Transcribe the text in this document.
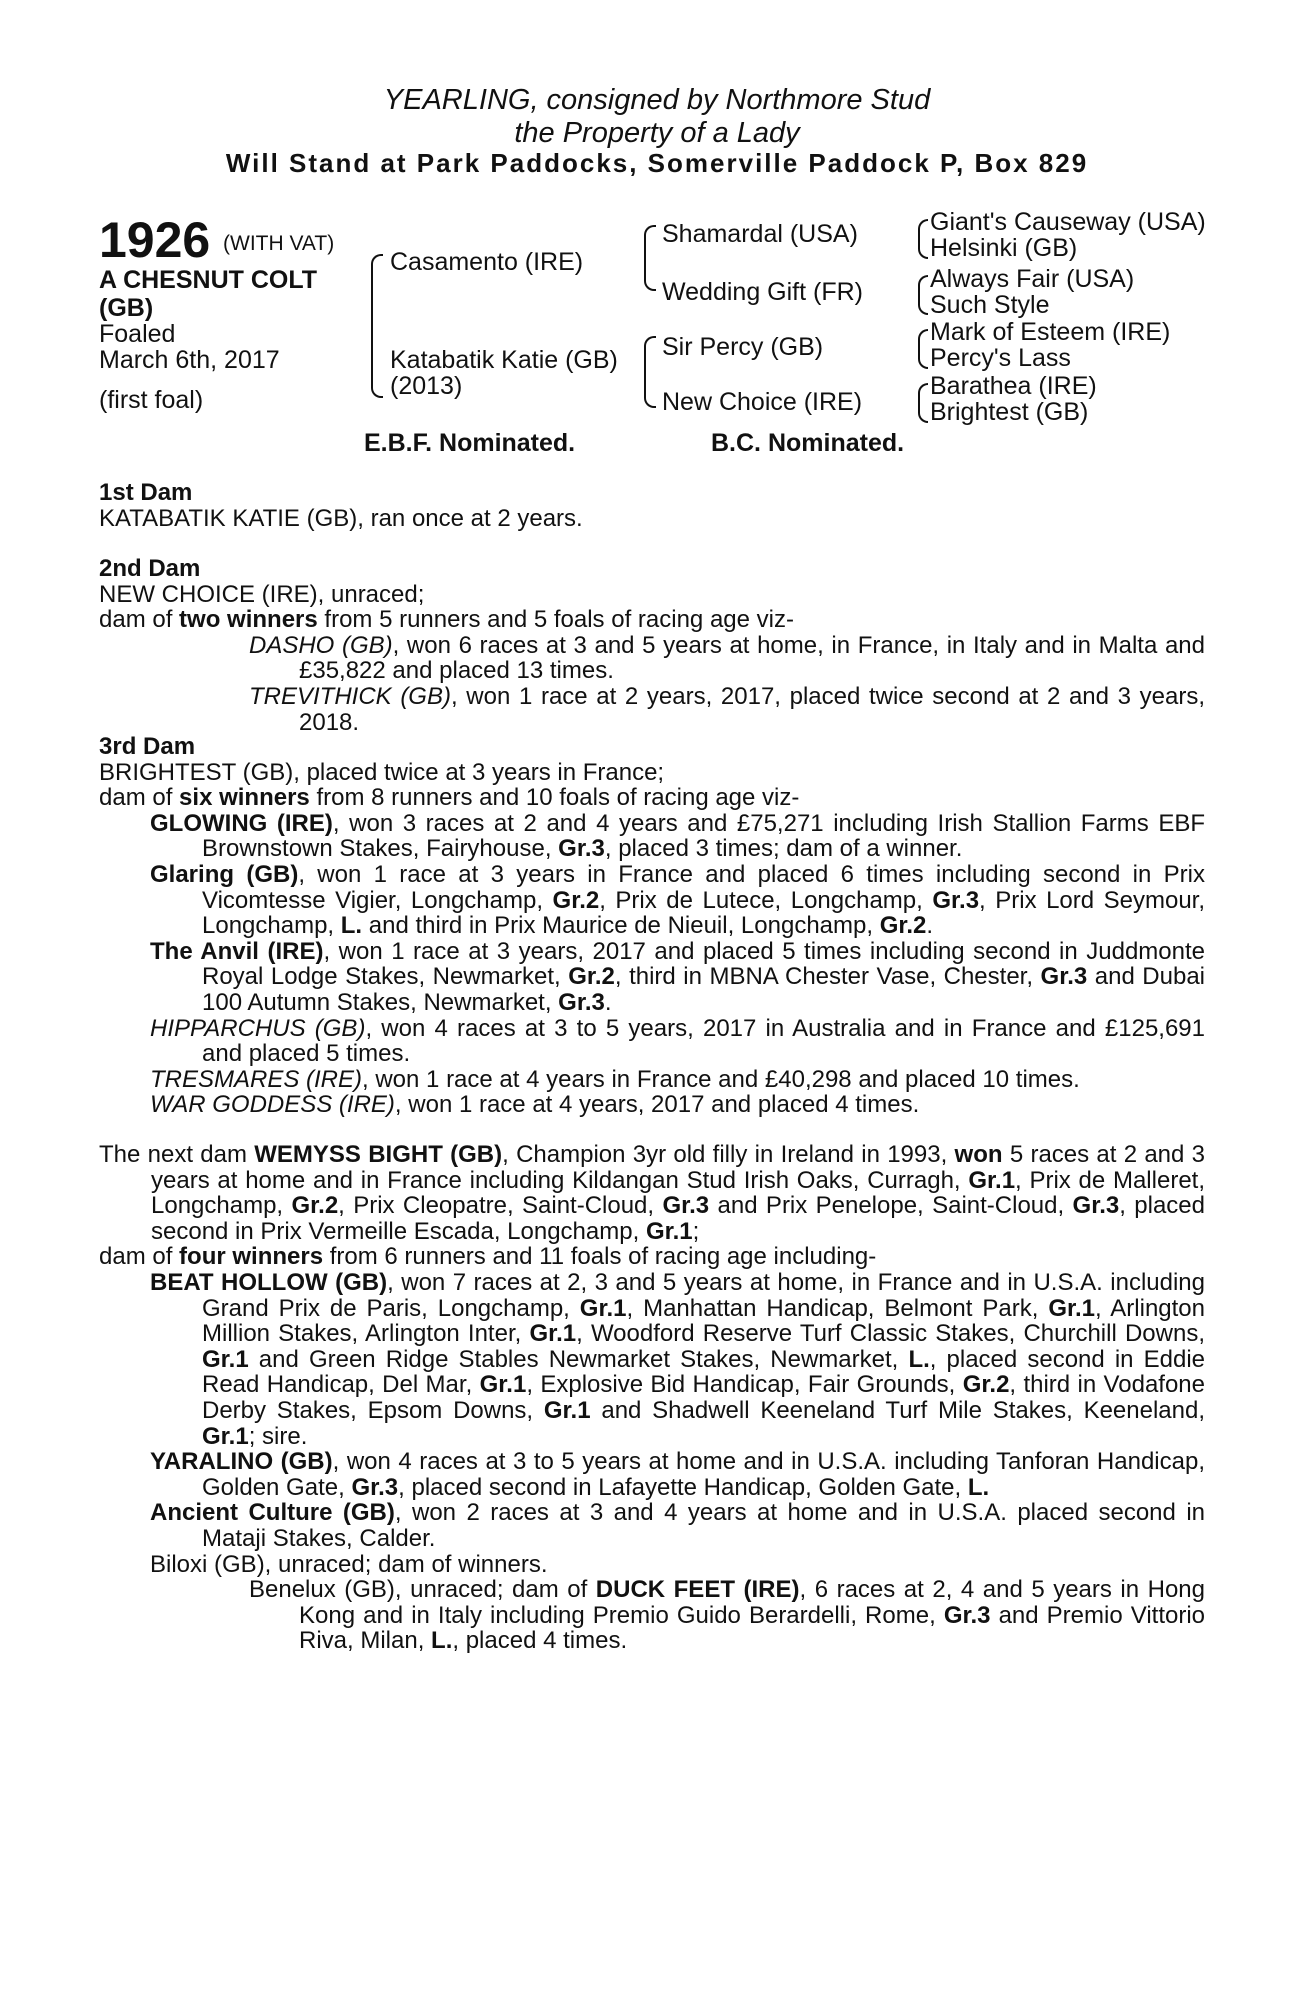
YEARLING, consigned by Northmore Stud
the Property of a Lady
Will Stand at Park Paddocks, Somerville Paddock P, Box 829
1926 (WITH VAT)
A CHESNUT COLT
(GB)
Foaled
March 6th, 2017
(first foal)
Casamento (IRE)
Katabatik Katie (GB)
(2013)
Shamardal (USA)
Wedding Gift (FR)
Sir Percy (GB)
New Choice (IRE)
Giant's Causeway (USA)
Helsinki (GB)
Always Fair (USA)
Such Style
Mark of Esteem (IRE)
Percy's Lass
Barathea (IRE)
Brightest (GB)
E.B.F. Nominated.	B.C. Nominated.

1st Dam

KATABATIK KATIE (GB), ran once at 2 years.

2nd Dam

NEW CHOICE (IRE), unraced;

dam of two winners from 5 runners and 5 foals of racing age viz-

DASHO (GB), won 6 races at 3 and 5 years at home, in France, in Italy and in Malta and £35,822 and placed 13 times.

TREVITHICK (GB), won 1 race at 2 years, 2017, placed twice second at 2 and 3 years, 2018.

3rd Dam

BRIGHTEST (GB), placed twice at 3 years in France;

dam of six winners from 8 runners and 10 foals of racing age viz-

GLOWING (IRE), won 3 races at 2 and 4 years and £75,271 including Irish Stallion Farms EBF Brownstown Stakes, Fairyhouse, Gr.3, placed 3 times; dam of a winner.

Glaring (GB), won 1 race at 3 years in France and placed 6 times including second in Prix Vicomtesse Vigier, Longchamp, Gr.2, Prix de Lutece, Longchamp, Gr.3, Prix Lord Seymour, Longchamp, L. and third in Prix Maurice de Nieuil, Longchamp, Gr.2.

The Anvil (IRE), won 1 race at 3 years, 2017 and placed 5 times including second in Juddmonte Royal Lodge Stakes, Newmarket, Gr.2, third in MBNA Chester Vase, Chester, Gr.3 and Dubai 100 Autumn Stakes, Newmarket, Gr.3.

HIPPARCHUS (GB), won 4 races at 3 to 5 years, 2017 in Australia and in France and £125,691 and placed 5 times.

TRESMARES (IRE), won 1 race at 4 years in France and £40,298 and placed 10 times.

WAR GODDESS (IRE), won 1 race at 4 years, 2017 and placed 4 times.

The next dam WEMYSS BIGHT (GB), Champion 3yr old filly in Ireland in 1993, won 5 races at 2 and 3 years at home and in France including Kildangan Stud Irish Oaks, Curragh, Gr.1, Prix de Malleret, Longchamp, Gr.2, Prix Cleopatre, Saint-Cloud, Gr.3 and Prix Penelope, Saint-Cloud, Gr.3, placed second in Prix Vermeille Escada, Longchamp, Gr.1;

dam of four winners from 6 runners and 11 foals of racing age including-

BEAT HOLLOW (GB), won 7 races at 2, 3 and 5 years at home, in France and in U.S.A. including Grand Prix de Paris, Longchamp, Gr.1, Manhattan Handicap, Belmont Park, Gr.1, Arlington Million Stakes, Arlington Inter, Gr.1, Woodford Reserve Turf Classic Stakes, Churchill Downs, Gr.1 and Green Ridge Stables Newmarket Stakes, Newmarket, L., placed second in Eddie Read Handicap, Del Mar, Gr.1, Explosive Bid Handicap, Fair Grounds, Gr.2, third in Vodafone Derby Stakes, Epsom Downs, Gr.1 and Shadwell Keeneland Turf Mile Stakes, Keeneland, Gr.1; sire.

YARALINO (GB), won 4 races at 3 to 5 years at home and in U.S.A. including Tanforan Handicap, Golden Gate, Gr.3, placed second in Lafayette Handicap, Golden Gate, L.

Ancient Culture (GB), won 2 races at 3 and 4 years at home and in U.S.A. placed second in Mataji Stakes, Calder.

Biloxi (GB), unraced; dam of winners.

Benelux (GB), unraced; dam of DUCK FEET (IRE), 6 races at 2, 4 and 5 years in Hong Kong and in Italy including Premio Guido Berardelli, Rome, Gr.3 and Premio Vittorio Riva, Milan, L., placed 4 times.
